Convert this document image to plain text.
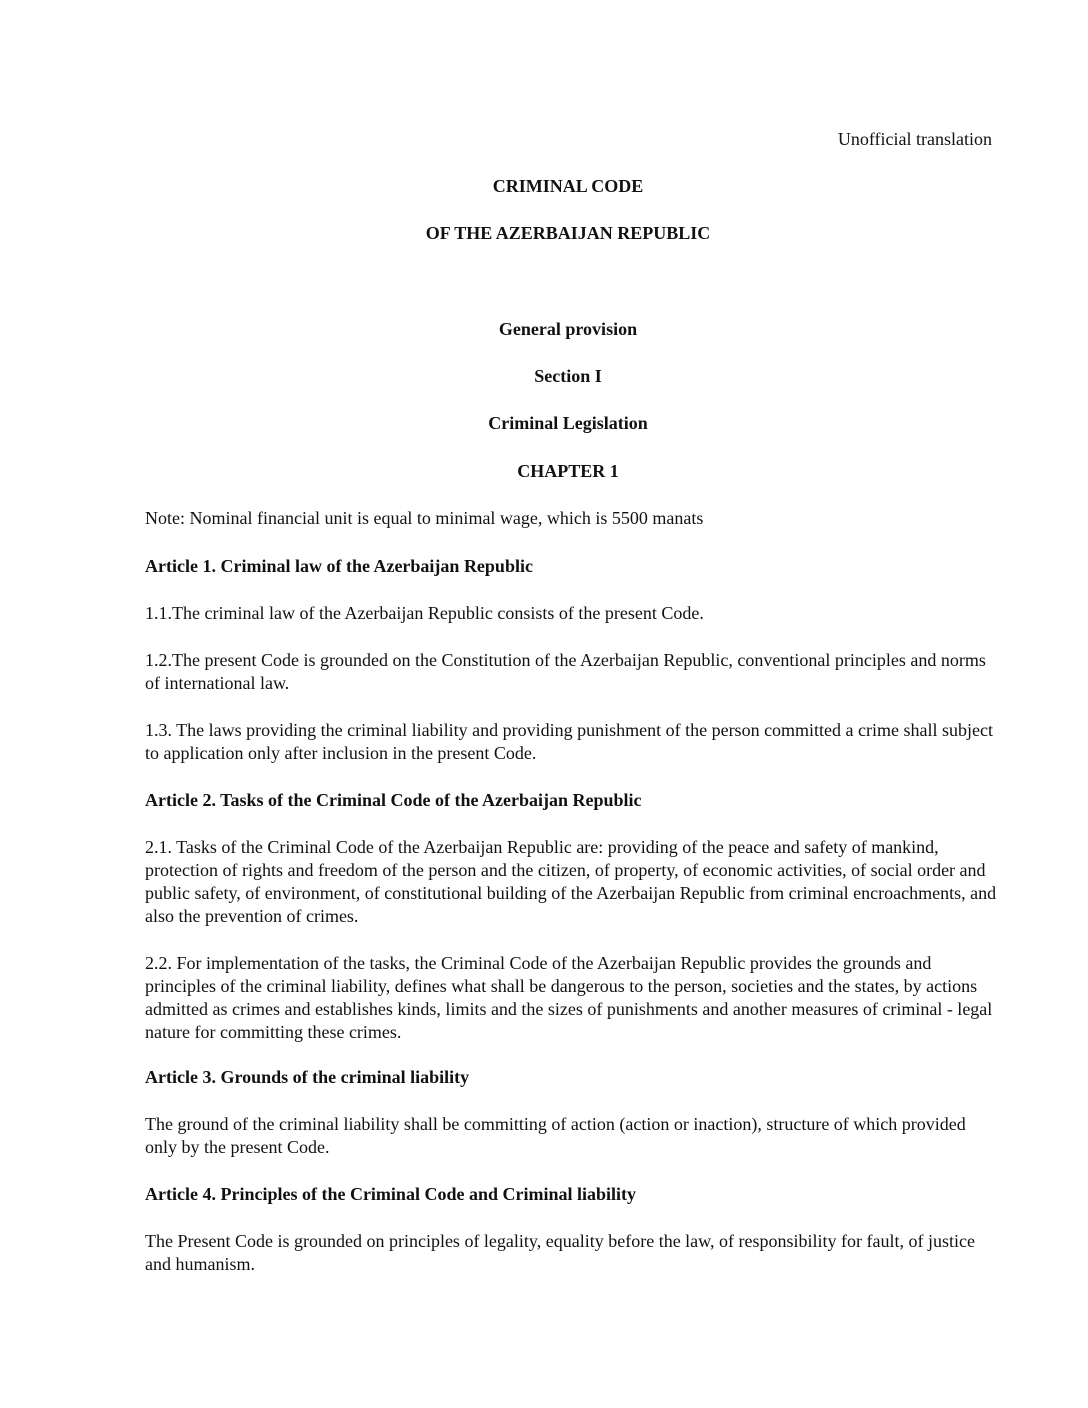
Unofficial translation
CRIMINAL CODE
OF THE AZERBAIJAN REPUBLIC
General provision
Section I
Criminal Legislation
CHAPTER 1
Note: Nominal financial unit is equal to minimal wage, which is 5500 manats
Article 1. Criminal law of the Azerbaijan Republic
1.1.The criminal law of the Azerbaijan Republic consists of the present Code.
1.2.The present Code is grounded on the Constitution of the Azerbaijan Republic, conventional principles and norms of international law.
1.3. The laws providing the criminal liability and providing punishment of the person committed a crime shall subject to application only after inclusion in the present Code.
Article 2. Tasks of the Criminal Code of the Azerbaijan Republic
2.1. Tasks of the Criminal Code of the Azerbaijan Republic are: providing of the peace and safety of mankind, protection of rights and freedom of the person and the citizen, of property, of economic activities, of social order and public safety, of environment, of constitutional building of the Azerbaijan Republic from criminal encroachments, and also the prevention of crimes.
2.2. For implementation of the tasks, the Criminal Code of the Azerbaijan Republic provides the grounds and principles of the criminal liability, defines what shall be dangerous to the person, societies and the states, by actions admitted as crimes and establishes kinds, limits and the sizes of punishments and another measures of criminal - legal nature for committing these crimes.
Article 3. Grounds of the criminal liability
The ground of the criminal liability shall be committing of action (action or inaction), structure of which provided only by the present Code.
Article 4. Principles of the Criminal Code and Criminal liability
The Present Code is grounded on principles of legality, equality before the law, of responsibility for fault, of justice and humanism.
